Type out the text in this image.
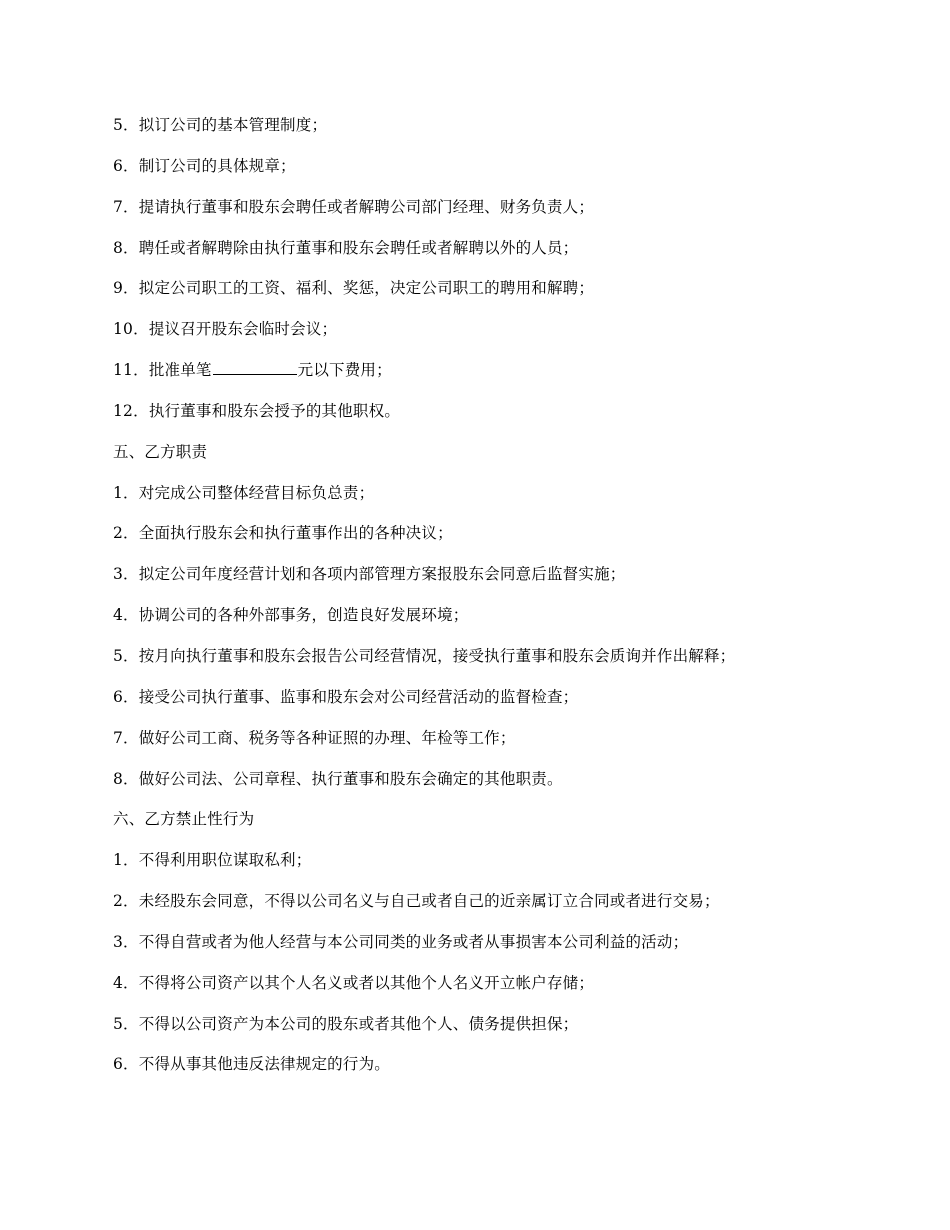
5．拟订公司的基本管理制度；
6．制订公司的具体规章；
7．提请执行董事和股东会聘任或者解聘公司部门经理、财务负责人；
8．聘任或者解聘除由执行董事和股东会聘任或者解聘以外的人员；
9．拟定公司职工的工资、福利、奖惩，决定公司职工的聘用和解聘；
10．提议召开股东会临时会议；
11．批准单笔	元以下费用；
12．执行董事和股东会授予的其他职权。
五、乙方职责
1．对完成公司整体经营目标负总责；
2．全面执行股东会和执行董事作出的各种决议；
3．拟定公司年度经营计划和各项内部管理方案报股东会同意后监督实施；
4．协调公司的各种外部事务，创造良好发展环境；
5．按月向执行董事和股东会报告公司经营情况，接受执行董事和股东会质询并作出解释；
6．接受公司执行董事、监事和股东会对公司经营活动的监督检查；
7．做好公司工商、税务等各种证照的办理、年检等工作；
8．做好公司法、公司章程、执行董事和股东会确定的其他职责。
六、乙方禁止性行为
1．不得利用职位谋取私利；
2．未经股东会同意，不得以公司名义与自己或者自己的近亲属订立合同或者进行交易；
3．不得自营或者为他人经营与本公司同类的业务或者从事损害本公司利益的活动；
4．不得将公司资产以其个人名义或者以其他个人名义开立帐户存储；
5．不得以公司资产为本公司的股东或者其他个人、债务提供担保；
6．不得从事其他违反法律规定的行为。
